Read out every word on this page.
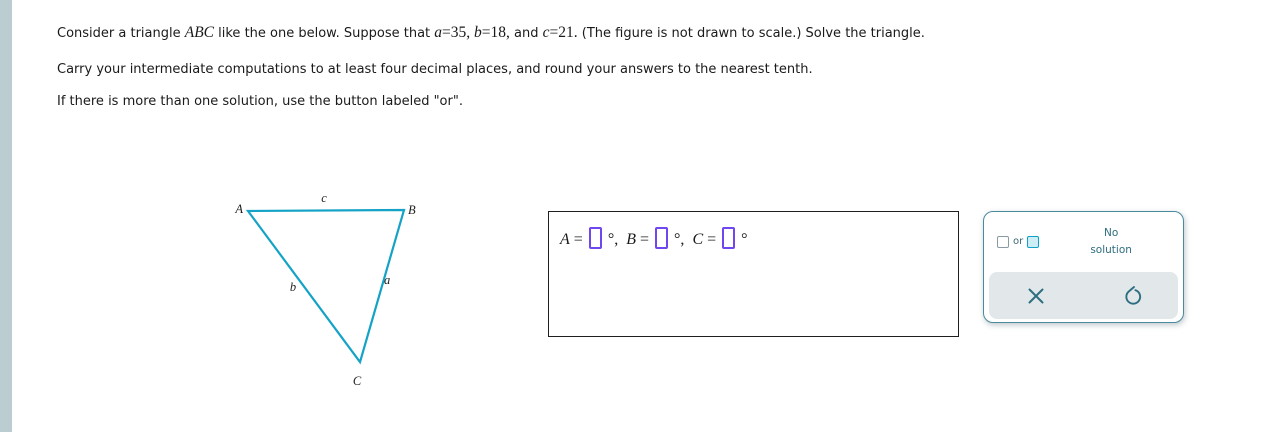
Consider a triangle ABC like the one below. Suppose that a=35, b=18, and c=21. (The figure is not drawn to scale.) Solve the triangle.
Carry your intermediate computations to at least four decimal places, and round your answers to the nearest tenth.
If there is more than one solution, use the button labeled "or".
A	B
C
c
b	a
A =  °,  B =  °,  C =  °	or
No solution
